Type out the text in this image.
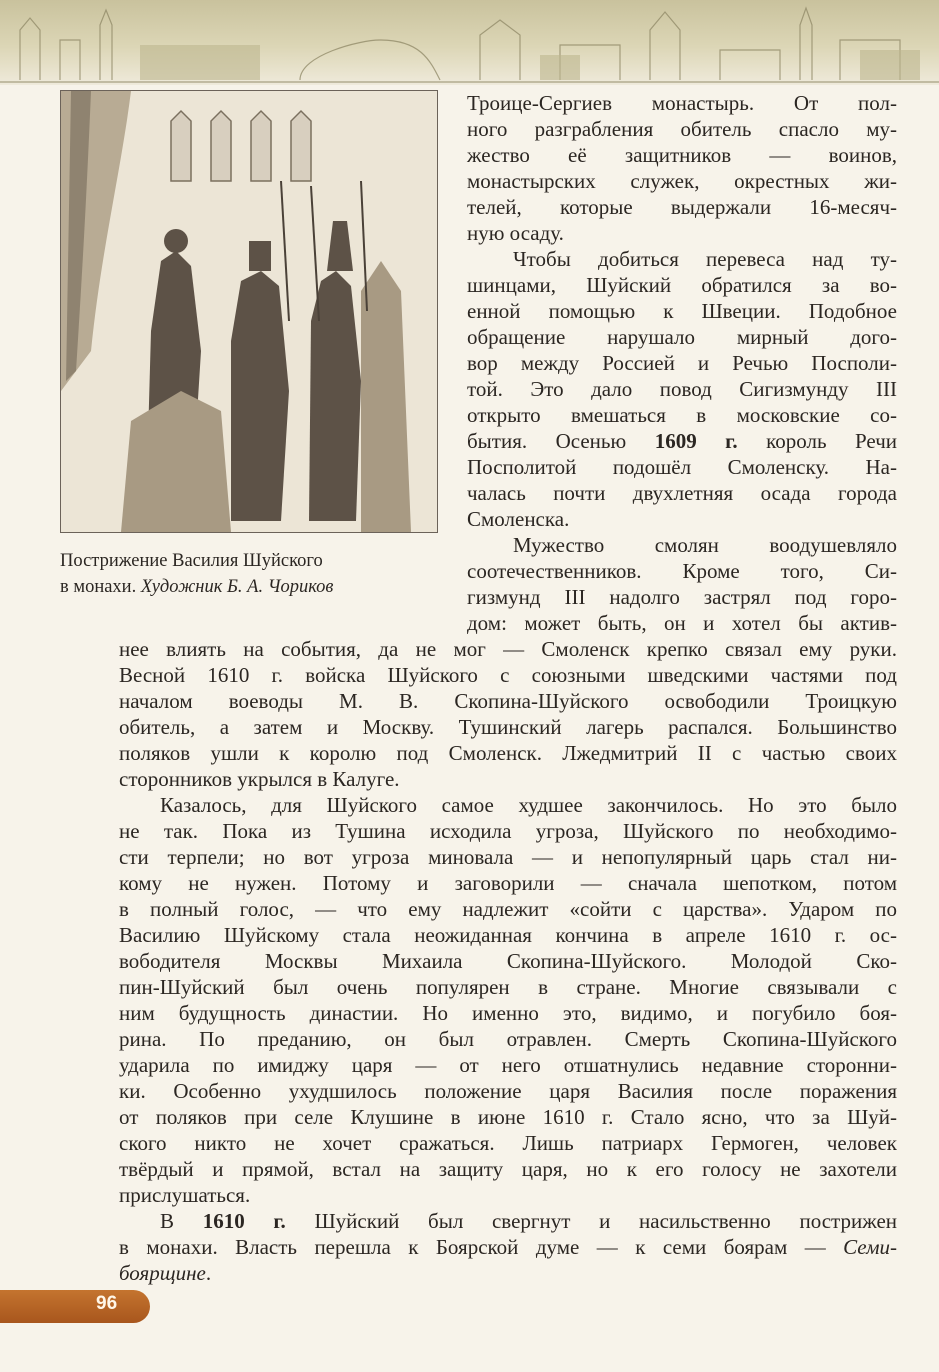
Пострижение Василия Шуйского
в монахи. Художник Б. А. Чориков
Троице-Сергиев монастырь. От пол-
ного разграбления обитель спасло му-
жество её защитников — воинов,
монастырских служек, окрестных жи-
телей, которые выдержали 16-месяч-
ную осаду.
Чтобы добиться перевеса над ту-
шинцами, Шуйский обратился за во-
енной помощью к Швеции. Подобное
обращение нарушало мирный дого-
вор между Россией и Речью Посполи-
той. Это дало повод Сигизмунду III
открыто вмешаться в московские со-
бытия. Осенью 1609 г. король Речи
Посполитой подошёл Смоленску. На-
чалась почти двухлетняя осада города
Смоленска.
Мужество смолян воодушевляло
соотечественников. Кроме того, Си-
гизмунд III надолго застрял под горо-
дом: может быть, он и хотел бы актив-
нее влиять на события, да не мог — Смоленск крепко связал ему руки.
Весной 1610 г. войска Шуйского с союзными шведскими частями под
началом воеводы М. В. Скопина-Шуйского освободили Троицкую
обитель, а затем и Москву. Тушинский лагерь распался. Большинство
поляков ушли к королю под Смоленск. Лжедмитрий II с частью своих
сторонников укрылся в Калуге.
Казалось, для Шуйского самое худшее закончилось. Но это было
не так. Пока из Тушина исходила угроза, Шуйского по необходимо-
сти терпели; но вот угроза миновала — и непопулярный царь стал ни-
кому не нужен. Потому и заговорили — сначала шепотком, потом
в полный голос, — что ему надлежит «сойти с царства». Ударом по
Василию Шуйскому стала неожиданная кончина в апреле 1610 г. ос-
вободителя Москвы Михаила Скопина-Шуйского. Молодой Ско-
пин-Шуйский был очень популярен в стране. Многие связывали с
ним будущность династии. Но именно это, видимо, и погубило боя-
рина. По преданию, он был отравлен. Смерть Скопина-Шуйского
ударила по имиджу царя — от него отшатнулись недавние сторонни-
ки. Особенно ухудшилось положение царя Василия после поражения
от поляков при селе Клушине в июне 1610 г. Стало ясно, что за Шуй-
ского никто не хочет сражаться. Лишь патриарх Гермоген, человек
твёрдый и прямой, встал на защиту царя, но к его голосу не захотели
прислушаться.
В 1610 г. Шуйский был свергнут и насильственно пострижен
в монахи. Власть перешла к Боярской думе — к семи боярам — Семи-
боярщине.
96
